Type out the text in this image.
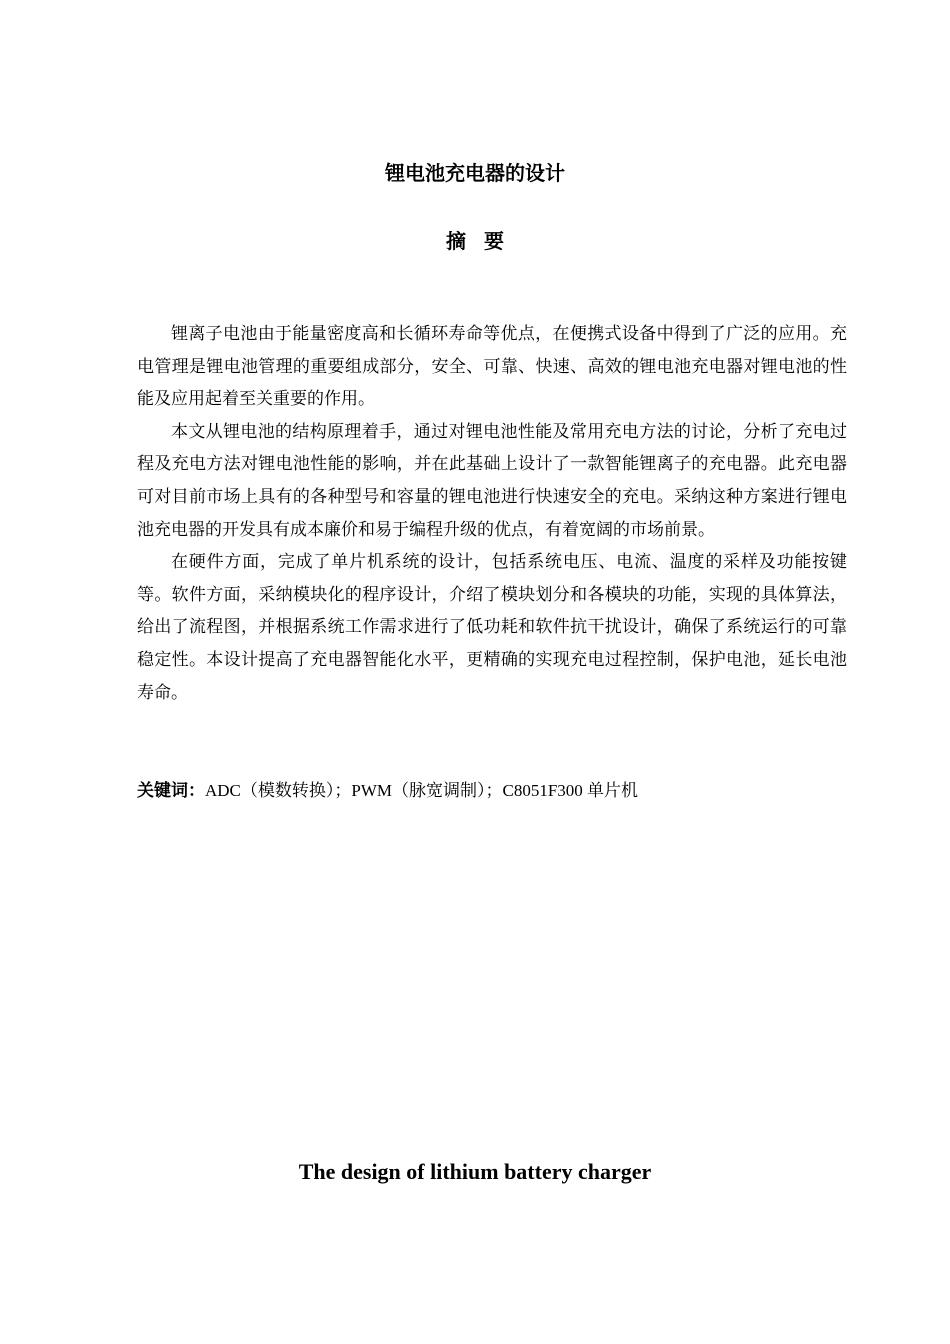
锂电池充电器的设计
摘要

锂离子电池由于能量密度高和长循环寿命等优点，在便携式设备中得到了广泛的应用。充电管理是锂电池管理的重要组成部分，安全、可靠、快速、高效的锂电池充电器对锂电池的性能及应用起着至关重要的作用。

本文从锂电池的结构原理着手，通过对锂电池性能及常用充电方法的讨论，分析了充电过程及充电方法对锂电池性能的影响，并在此基础上设计了一款智能锂离子的充电器。此充电器可对目前市场上具有的各种型号和容量的锂电池进行快速安全的充电。采纳这种方案进行锂电池充电器的开发具有成本廉价和易于编程升级的优点，有着宽阔的市场前景。

在硬件方面，完成了单片机系统的设计，包括系统电压、电流、温度的采样及功能按键等。软件方面，采纳模块化的程序设计，介绍了模块划分和各模块的功能，实现的具体算法，给出了流程图，并根据系统工作需求进行了低功耗和软件抗干扰设计，确保了系统运行的可靠稳定性。本设计提高了充电器智能化水平，更精确的实现充电过程控制，保护电池，延长电池寿命。

关键词：ADC（模数转换）；PWM（脉宽调制）；C8051F300 单片机
The design of lithium battery charger
